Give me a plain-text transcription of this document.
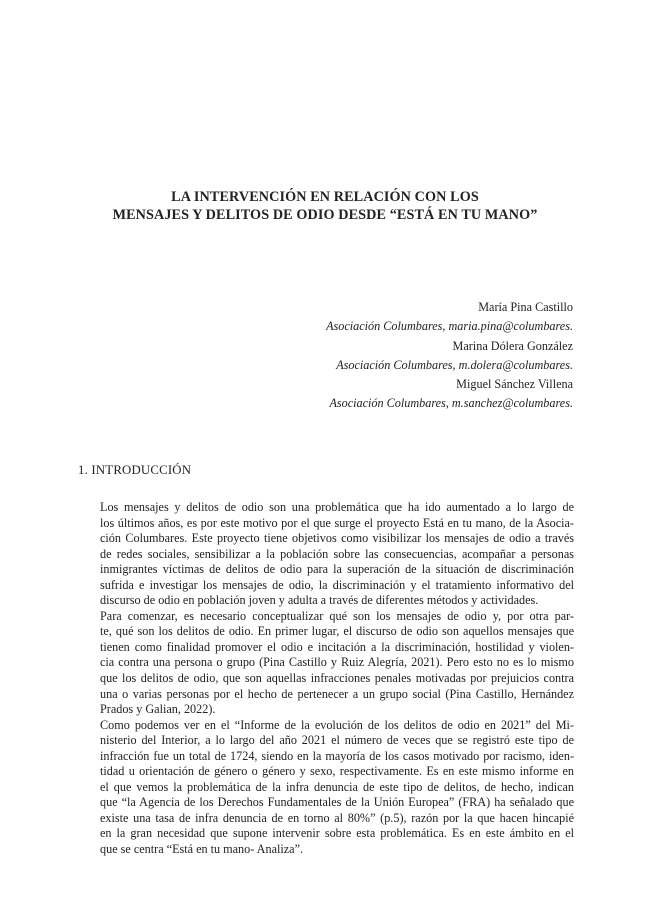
LA INTERVENCIÓN EN RELACIÓN CON LOS
MENSAJES Y DELITOS DE ODIO DESDE “ESTÁ EN TU MANO”
María Pina Castillo
Asociación Columbares, maria.pina@columbares.
Marina Dólera González
Asociación Columbares, m.dolera@columbares.
Miguel Sánchez Villena
Asociación Columbares, m.sanchez@columbares.
1. INTRODUCCIÓN

Los mensajes y delitos de odio son una problemática que ha ido aumentado a lo largo de
los últimos años, es por este motivo por el que surge el proyecto Está en tu mano, de la Asocia-
ción Columbares. Este proyecto tiene objetivos como visibilizar los mensajes de odio a través
de redes sociales, sensibilizar a la población sobre las consecuencias, acompañar a personas
inmigrantes víctimas de delitos de odio para la superación de la situación de discriminación
sufrida e investigar los mensajes de odio, la discriminación y el tratamiento informativo del
discurso de odio en población joven y adulta a través de diferentes métodos y actividades.

Para comenzar, es necesario conceptualizar qué son los mensajes de odio y, por otra par-
te, qué son los delitos de odio. En primer lugar, el discurso de odio son aquellos mensajes que
tienen como finalidad promover el odio e incitación a la discriminación, hostilidad y violen-
cia contra una persona o grupo (Pina Castillo y Ruiz Alegría, 2021). Pero esto no es lo mismo
que los delitos de odio, que son aquellas infracciones penales motivadas por prejuicios contra
una o varias personas por el hecho de pertenecer a un grupo social (Pina Castillo, Hernández
Prados y Galian, 2022).

Como podemos ver en el “Informe de la evolución de los delitos de odio en 2021” del Mi-
nisterio del Interior, a lo largo del año 2021 el número de veces que se registró este tipo de
infracción fue un total de 1724, siendo en la mayoría de los casos motivado por racismo, iden-
tidad u orientación de género o género y sexo, respectivamente. Es en este mismo informe en
el que vemos la problemática de la infra denuncia de este tipo de delitos, de hecho, indican
que “la Agencia de los Derechos Fundamentales de la Unión Europea” (FRA) ha señalado que
existe una tasa de infra denuncia de en torno al 80%” (p.5), razón por la que hacen hincapié
en la gran necesidad que supone intervenir sobre esta problemática. Es en este ámbito en el
que se centra “Está en tu mano- Analiza”.
